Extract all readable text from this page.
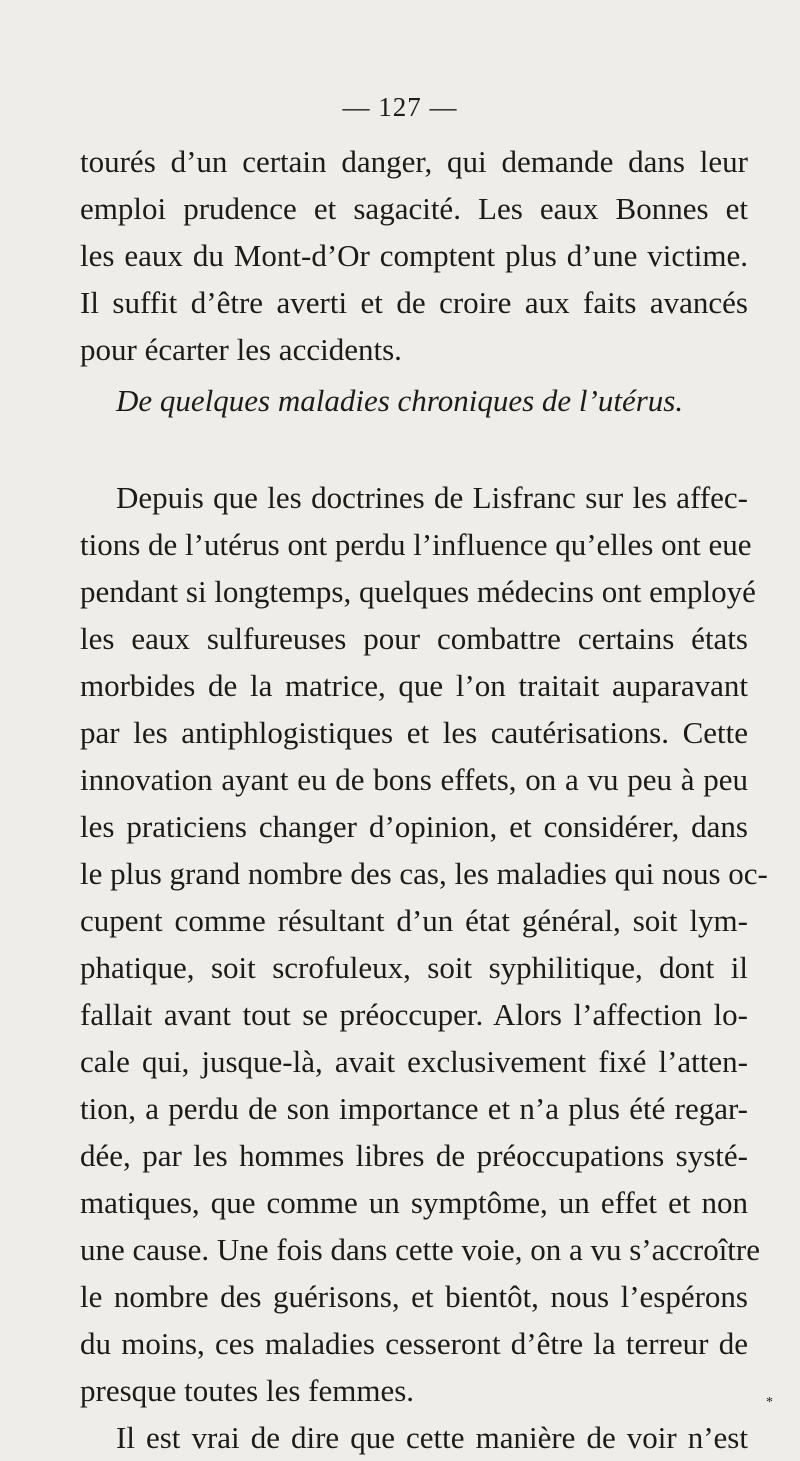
— 127 —
tourés d’un certain danger, qui demande dans leur
emploi prudence et sagacité. Les eaux Bonnes et
les eaux du Mont-d’Or comptent plus d’une victime.
Il suffit d’être averti et de croire aux faits avancés
pour écarter les accidents.
De quelques maladies chroniques de l’utérus.
Depuis que les doctrines de Lisfranc sur les affec-
tions de l’utérus ont perdu l’influence qu’elles ont eue
pendant si longtemps, quelques médecins ont employé
les eaux sulfureuses pour combattre certains états
morbides de la matrice, que l’on traitait auparavant
par les antiphlogistiques et les cautérisations. Cette
innovation ayant eu de bons effets, on a vu peu à peu
les praticiens changer d’opinion, et considérer, dans
le plus grand nombre des cas, les maladies qui nous oc-
cupent comme résultant d’un état général, soit lym-
phatique, soit scrofuleux, soit syphilitique, dont il
fallait avant tout se préoccuper. Alors l’affection lo-
cale qui, jusque-là, avait exclusivement fixé l’atten-
tion, a perdu de son importance et n’a plus été regar-
dée, par les hommes libres de préoccupations systé-
matiques, que comme un symptôme, un effet et non
une cause. Une fois dans cette voie, on a vu s’accroître
le nombre des guérisons, et bientôt, nous l’espérons
du moins, ces maladies cesseront d’être la terreur de
presque toutes les femmes.
Il est vrai de dire que cette manière de voir n’est
*
